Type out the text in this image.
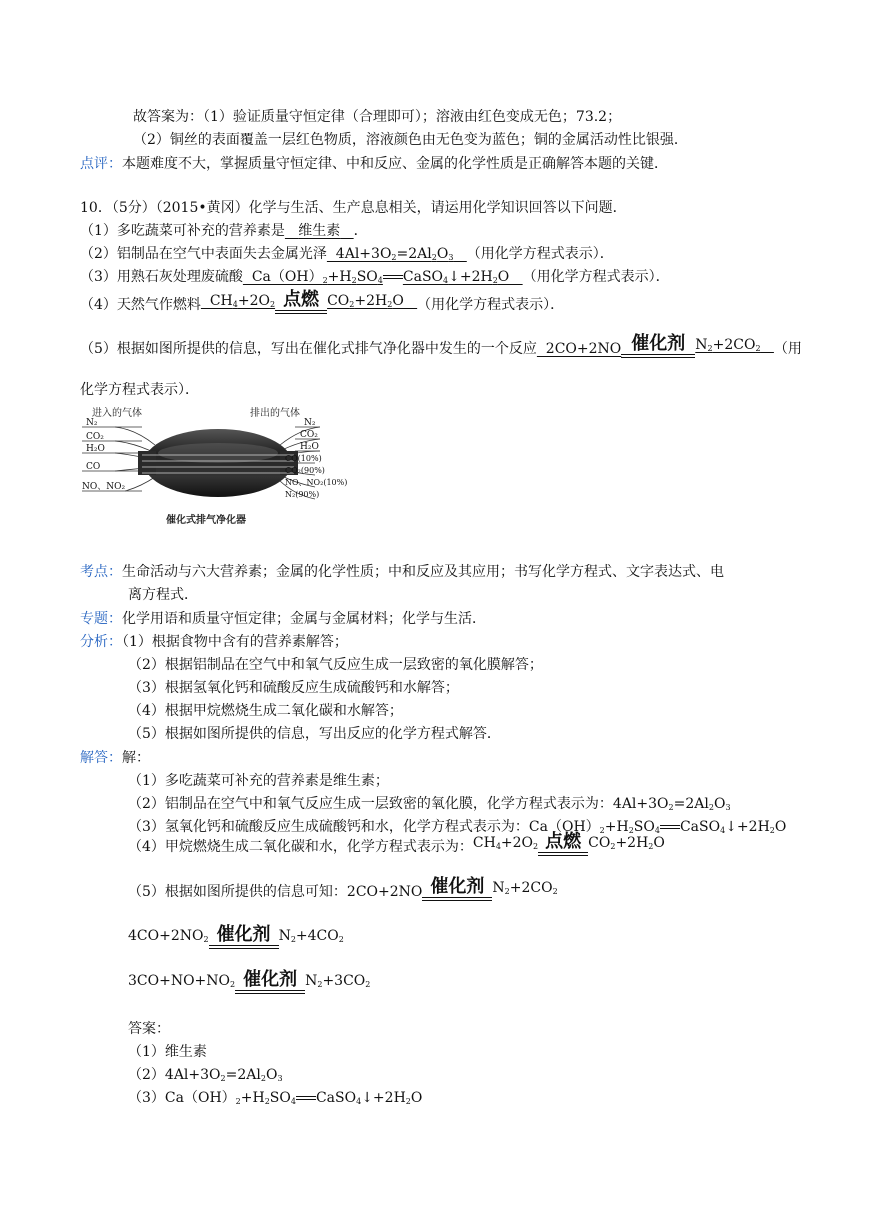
故答案为：（1）验证质量守恒定律（合理即可）；溶液由红色变成无色；73.2；
（2）铜丝的表面覆盖一层红色物质，溶液颜色由无色变为蓝色；铜的金属活动性比银强．
点评：本题难度不大，掌握质量守恒定律、中和反应、金属的化学性质是正确解答本题的关键．
10．（5分）（2015•黄冈）化学与生活、生产息息相关，请运用化学知识回答以下问题．
（1）多吃蔬菜可补充的营养素是 维生素 ．
（2）铝制品在空气中表面失去金属光泽  $4Al+3O_2=2Al_2O_3$ （用化学方程式表示）．
（3）用熟石灰处理废硫酸  $Ca(OH)_2+H_2SO_4$ $CaSO_4↓+2H_2O$   （用化学方程式表示）．
（4）天然气作燃料  $CH_4+2O_2$ 点燃 $CO_2+2H_2O$   （用化学方程式表示）．
（5）根据如图所提供的信息，写出在催化式排气净化器中发生的一个反应  2CO+2NO 催化剂 $N_2+2CO_2$ （用
化学方程式表示）．
进入的气体	排出的气体
N₂
CO₂
H₂O
CO
NO、NO₂
N₂
CO₂
H₂O
CO(10%)
CO₂(90%)
NO、NO₂(10%)
N₂(90%)
催化式排气净化器
考点：生命活动与六大营养素；金属的化学性质；中和反应及其应用；书写化学方程式、文字表达式、电
离方程式．
专题：化学用语和质量守恒定律；金属与金属材料；化学与生活．
分析：（1）根据食物中含有的营养素解答；
（2）根据铝制品在空气中和氧气反应生成一层致密的氧化膜解答；
（3）根据氢氧化钙和硫酸反应生成硫酸钙和水解答；
（4）根据甲烷燃烧生成二氧化碳和水解答；
（5）根据如图所提供的信息，写出反应的化学方程式解答．
解答：解：
（1）多吃蔬菜可补充的营养素是维生素；
（2）铝制品在空气中和氧气反应生成一层致密的氧化膜，化学方程式表示为：$4Al+3O_2=2Al_2O_3$
（3）氢氧化钙和硫酸反应生成硫酸钙和水，化学方程式表示为：$Ca(OH)_2+H_2SO_4$ $CaSO_4↓+2H_2O$
（4）甲烷燃烧生成二氧化碳和水，化学方程式表示为：$CH_4+2O_2$ 点燃 $CO_2+2H_2O$
（5）根据如图所提供的信息可知：2CO+2NO 催化剂 $N_2+2CO_2$
$4CO+2NO_2$ 催化剂 $N_2+4CO_2$
$3CO+NO+NO_2$ 催化剂 $N_2+3CO_2$
答案：
（1）维生素
$(2)4Al+3O_2=2Al_2O_3$
$(3)Ca(OH)_2+H_2SO_4$ $CaSO_4↓+2H_2O$
